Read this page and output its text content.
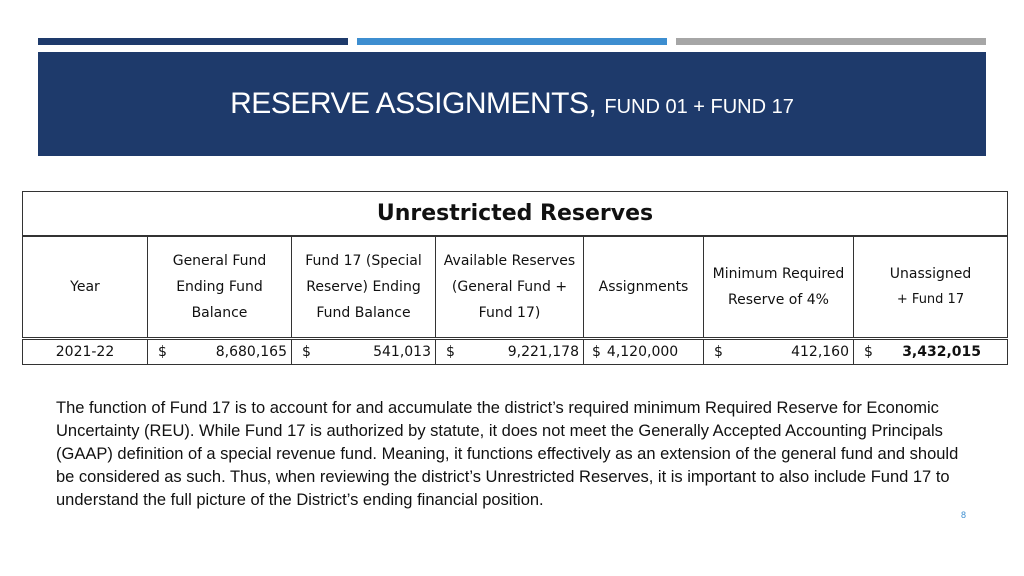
RESERVE ASSIGNMENTS, FUND 01 + FUND 17
Unrestricted Reserves						
Year	General Fund Ending Fund Balance	Fund 17 (Special Reserve) Ending Fund Balance	Available Reserves (General Fund + Fund 17)	Assignments	Minimum Required Reserve of 4%	Unassigned
+ Fund 17

2021-22	$ 8,680,165	$ 541,013	$ 9,221,178	$ 4,120,000	$ 412,160	$ 3,432,015
The function of Fund 17 is to account for and accumulate the district’s required minimum Required Reserve for Economic Uncertainty (REU). While Fund 17 is authorized by statute, it does not meet the Generally Accepted Accounting Principals (GAAP) definition of a special revenue fund. Meaning, it functions effectively as an extension of the general fund and should be considered as such. Thus, when reviewing the district’s Unrestricted Reserves, it is important to also include Fund 17 to understand the full picture of the District’s ending financial position.
8
